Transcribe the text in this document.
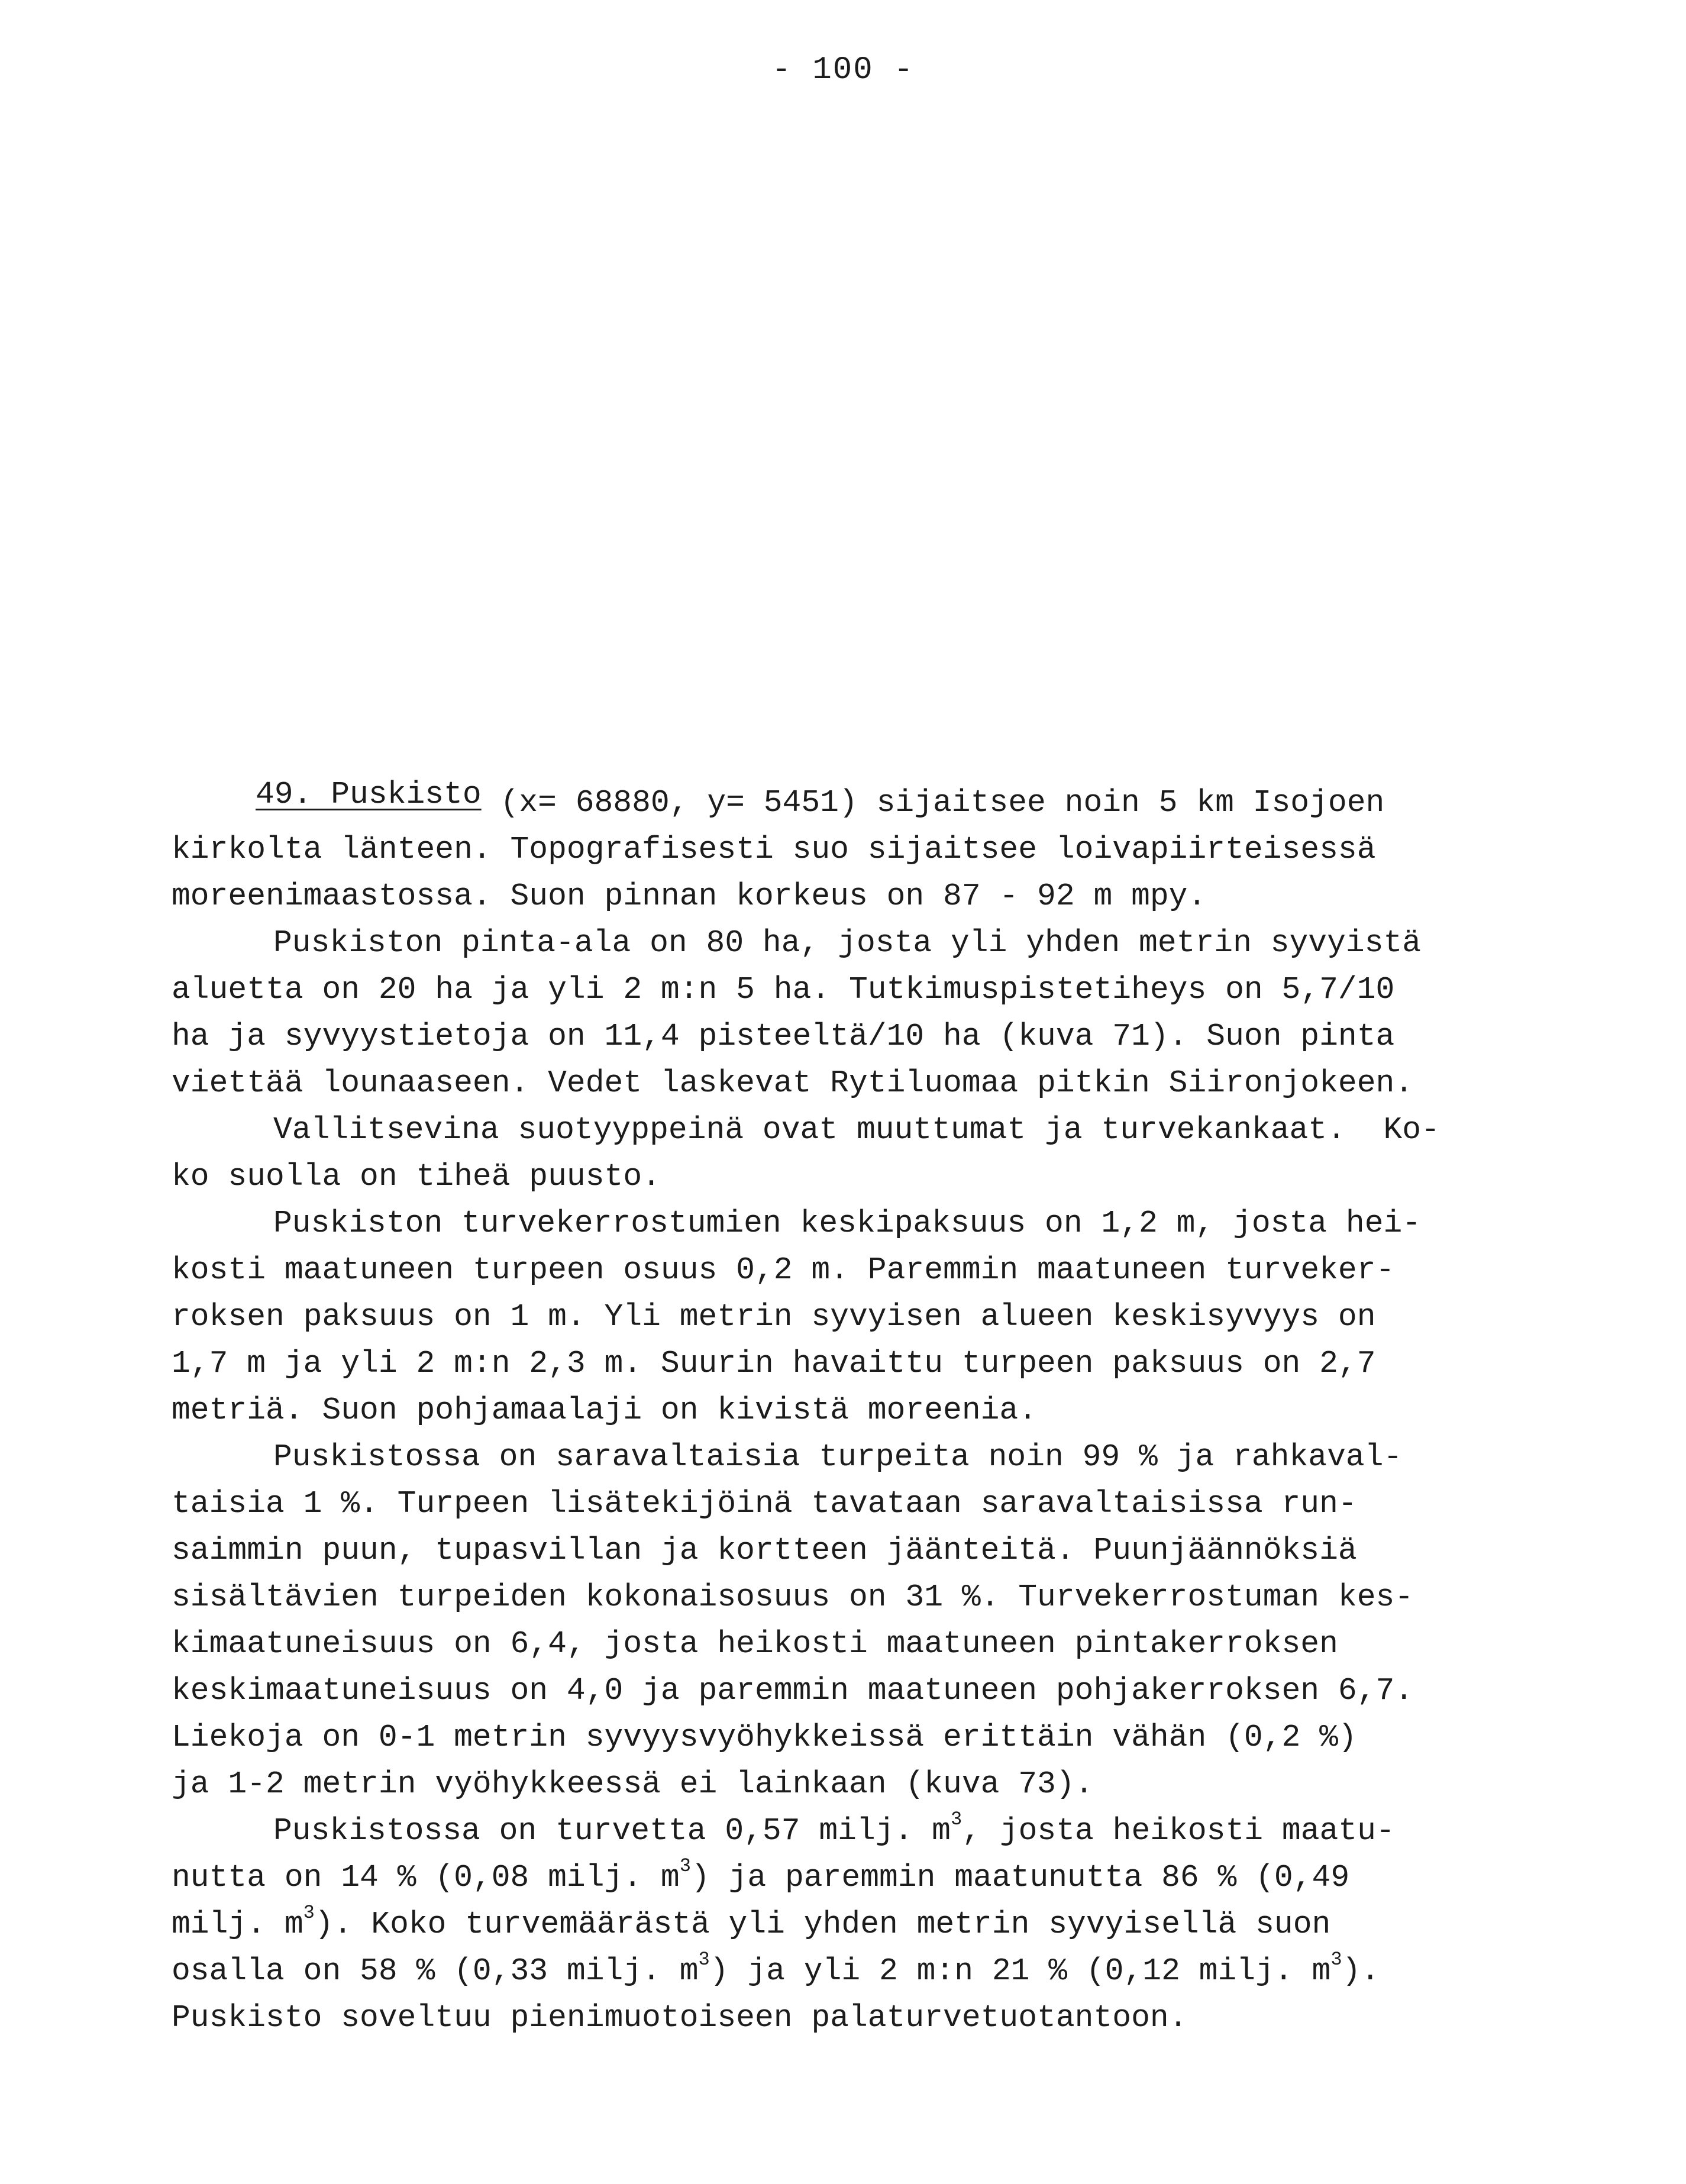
- 100 -
49. Puskisto (x= 68880, y= 5451) sijaitsee noin 5 km Isojoen
kirkolta länteen. Topografisesti suo sijaitsee loivapiirteisessä
moreenimaastossa. Suon pinnan korkeus on 87 - 92 m mpy.
Puskiston pinta-ala on 80 ha, josta yli yhden metrin syvyistä
aluetta on 20 ha ja yli 2 m:n 5 ha. Tutkimuspistetiheys on 5,7/10
ha ja syvyystietoja on 11,4 pisteeltä/10 ha (kuva 71). Suon pinta
viettää lounaaseen. Vedet laskevat Rytiluomaa pitkin Siironjokeen.
Vallitsevina suotyyppeinä ovat muuttumat ja turvekankaat.  Ko-
ko suolla on tiheä puusto.
Puskiston turvekerrostumien keskipaksuus on 1,2 m, josta hei-
kosti maatuneen turpeen osuus 0,2 m. Paremmin maatuneen turveker-
roksen paksuus on 1 m. Yli metrin syvyisen alueen keskisyvyys on
1,7 m ja yli 2 m:n 2,3 m. Suurin havaittu turpeen paksuus on 2,7
metriä. Suon pohjamaalaji on kivistä moreenia.
Puskistossa on saravaltaisia turpeita noin 99 % ja rahkaval-
taisia 1 %. Turpeen lisätekijöinä tavataan saravaltaisissa run-
saimmin puun, tupasvillan ja kortteen jäänteitä. Puunjäännöksiä
sisältävien turpeiden kokonaisosuus on 31 %. Turvekerrostuman kes-
kimaatuneisuus on 6,4, josta heikosti maatuneen pintakerroksen
keskimaatuneisuus on 4,0 ja paremmin maatuneen pohjakerroksen 6,7.
Liekoja on 0-1 metrin syvyysvyöhykkeissä erittäin vähän (0,2 %)
ja 1-2 metrin vyöhykkeessä ei lainkaan (kuva 73).
Puskistossa on turvetta 0,57 milj. $m^3$, josta heikosti maatu-
nutta on 14 % (0,08 milj. $m^3$) ja paremmin maatunutta 86 % (0,49
milj. $m^3$). Koko turvemäärästä yli yhden metrin syvyisellä suon
osalla on 58 % (0,33 milj. $m^3$) ja yli 2 m:n 21 % (0,12 milj. $m^3$).
Puskisto soveltuu pienimuotoiseen palaturvetuotantoon.
